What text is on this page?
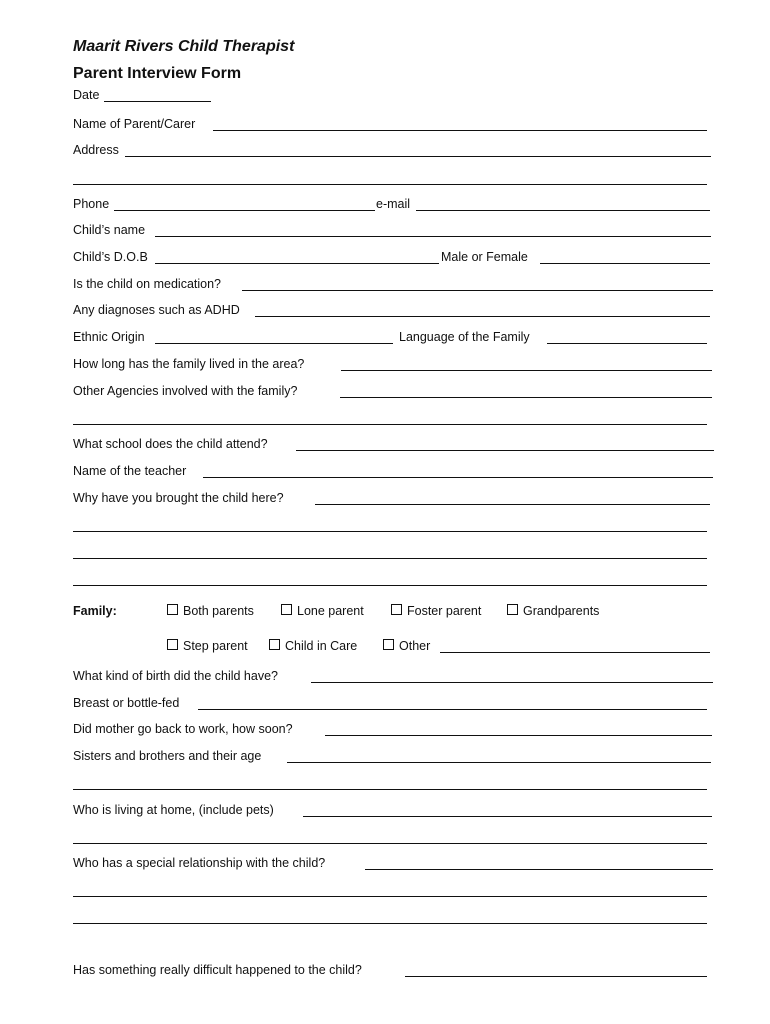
Maarit Rivers Child Therapist
Parent Interview Form
Date
Name of Parent/Carer
Address
Phone	e-mail
Child’s name
Child’s D.O.B	Male or Female
Is the child on medication?
Any diagnoses such as ADHD
Ethnic Origin	Language of the Family
How long has the family lived in the area?
Other Agencies involved with the family?
What school does the child attend?
Name of the teacher
Why have you brought the child here?
Family:	Both parents	Lone parent	Foster parent	Grandparents
Step parent	Child in Care	Other
What kind of birth did the child have?
Breast or bottle-fed
Did mother go back to work, how soon?
Sisters and brothers and their age
Who is living at home, (include pets)
Who has a special relationship with the child?
Has something really difficult happened to the child?
